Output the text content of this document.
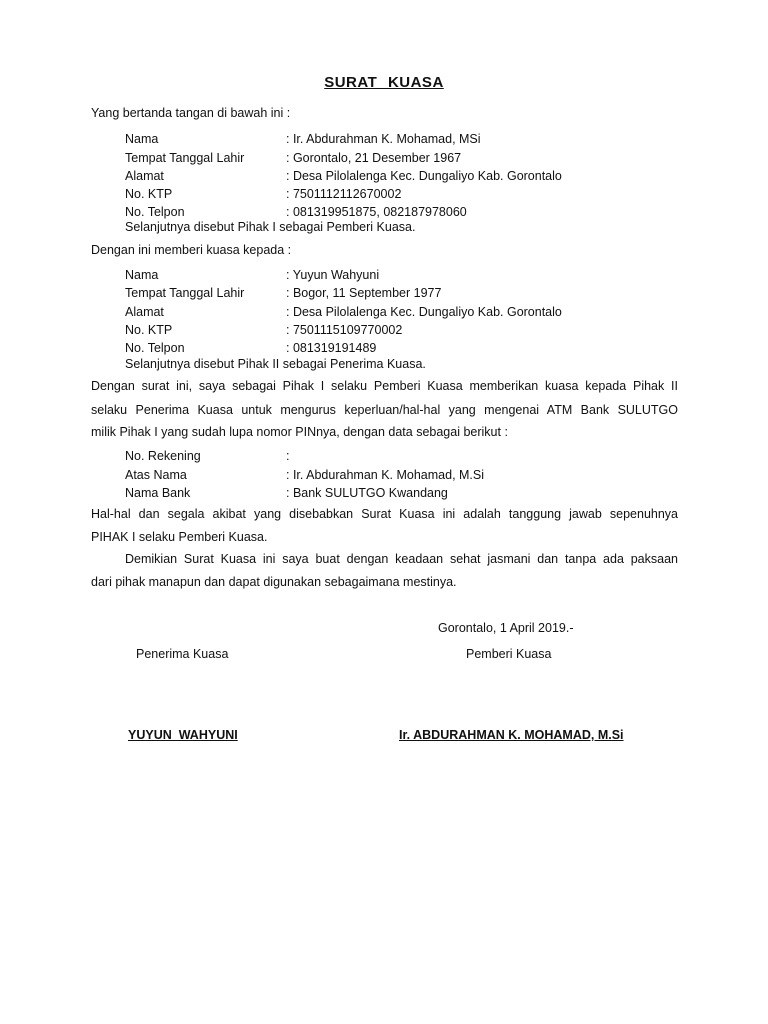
SURAT KUASA
Yang bertanda tangan di bawah ini :
Nama	: Ir. Abdurahman K. Mohamad, MSi
Tempat Tanggal Lahir	: Gorontalo, 21 Desember 1967
Alamat	: Desa Pilolalenga Kec. Dungaliyo Kab. Gorontalo
No. KTP	: 7501112112670002
No. Telpon	: 081319951875, 082187978060
Selanjutnya disebut Pihak I sebagai Pemberi Kuasa.
Dengan ini memberi kuasa kepada :
Nama	: Yuyun Wahyuni
Tempat Tanggal Lahir	: Bogor, 11 September 1977
Alamat	: Desa Pilolalenga Kec. Dungaliyo Kab. Gorontalo
No. KTP	: 7501115109770002
No. Telpon	: 081319191489
Selanjutnya disebut Pihak II sebagai Penerima Kuasa.
Dengan surat ini, saya sebagai Pihak I selaku Pemberi Kuasa memberikan kuasa kepada Pihak II
selaku Penerima Kuasa untuk mengurus keperluan/hal-hal yang mengenai ATM Bank SULUTGO
milik Pihak I yang sudah lupa nomor PINnya, dengan data sebagai berikut :
No. Rekening	:
Atas Nama	: Ir. Abdurahman K. Mohamad, M.Si
Nama Bank	: Bank SULUTGO Kwandang
Hal-hal dan segala akibat yang disebabkan Surat Kuasa ini adalah tanggung jawab sepenuhnya
PIHAK I selaku Pemberi Kuasa.
Demikian Surat Kuasa ini saya buat dengan keadaan sehat jasmani dan tanpa ada paksaan
dari pihak manapun dan dapat digunakan sebagaimana mestinya.
Gorontalo, 1 April 2019.-
Penerima Kuasa	Pemberi Kuasa
YUYUN  WAHYUNI	Ir. ABDURAHMAN K. MOHAMAD, M.Si
